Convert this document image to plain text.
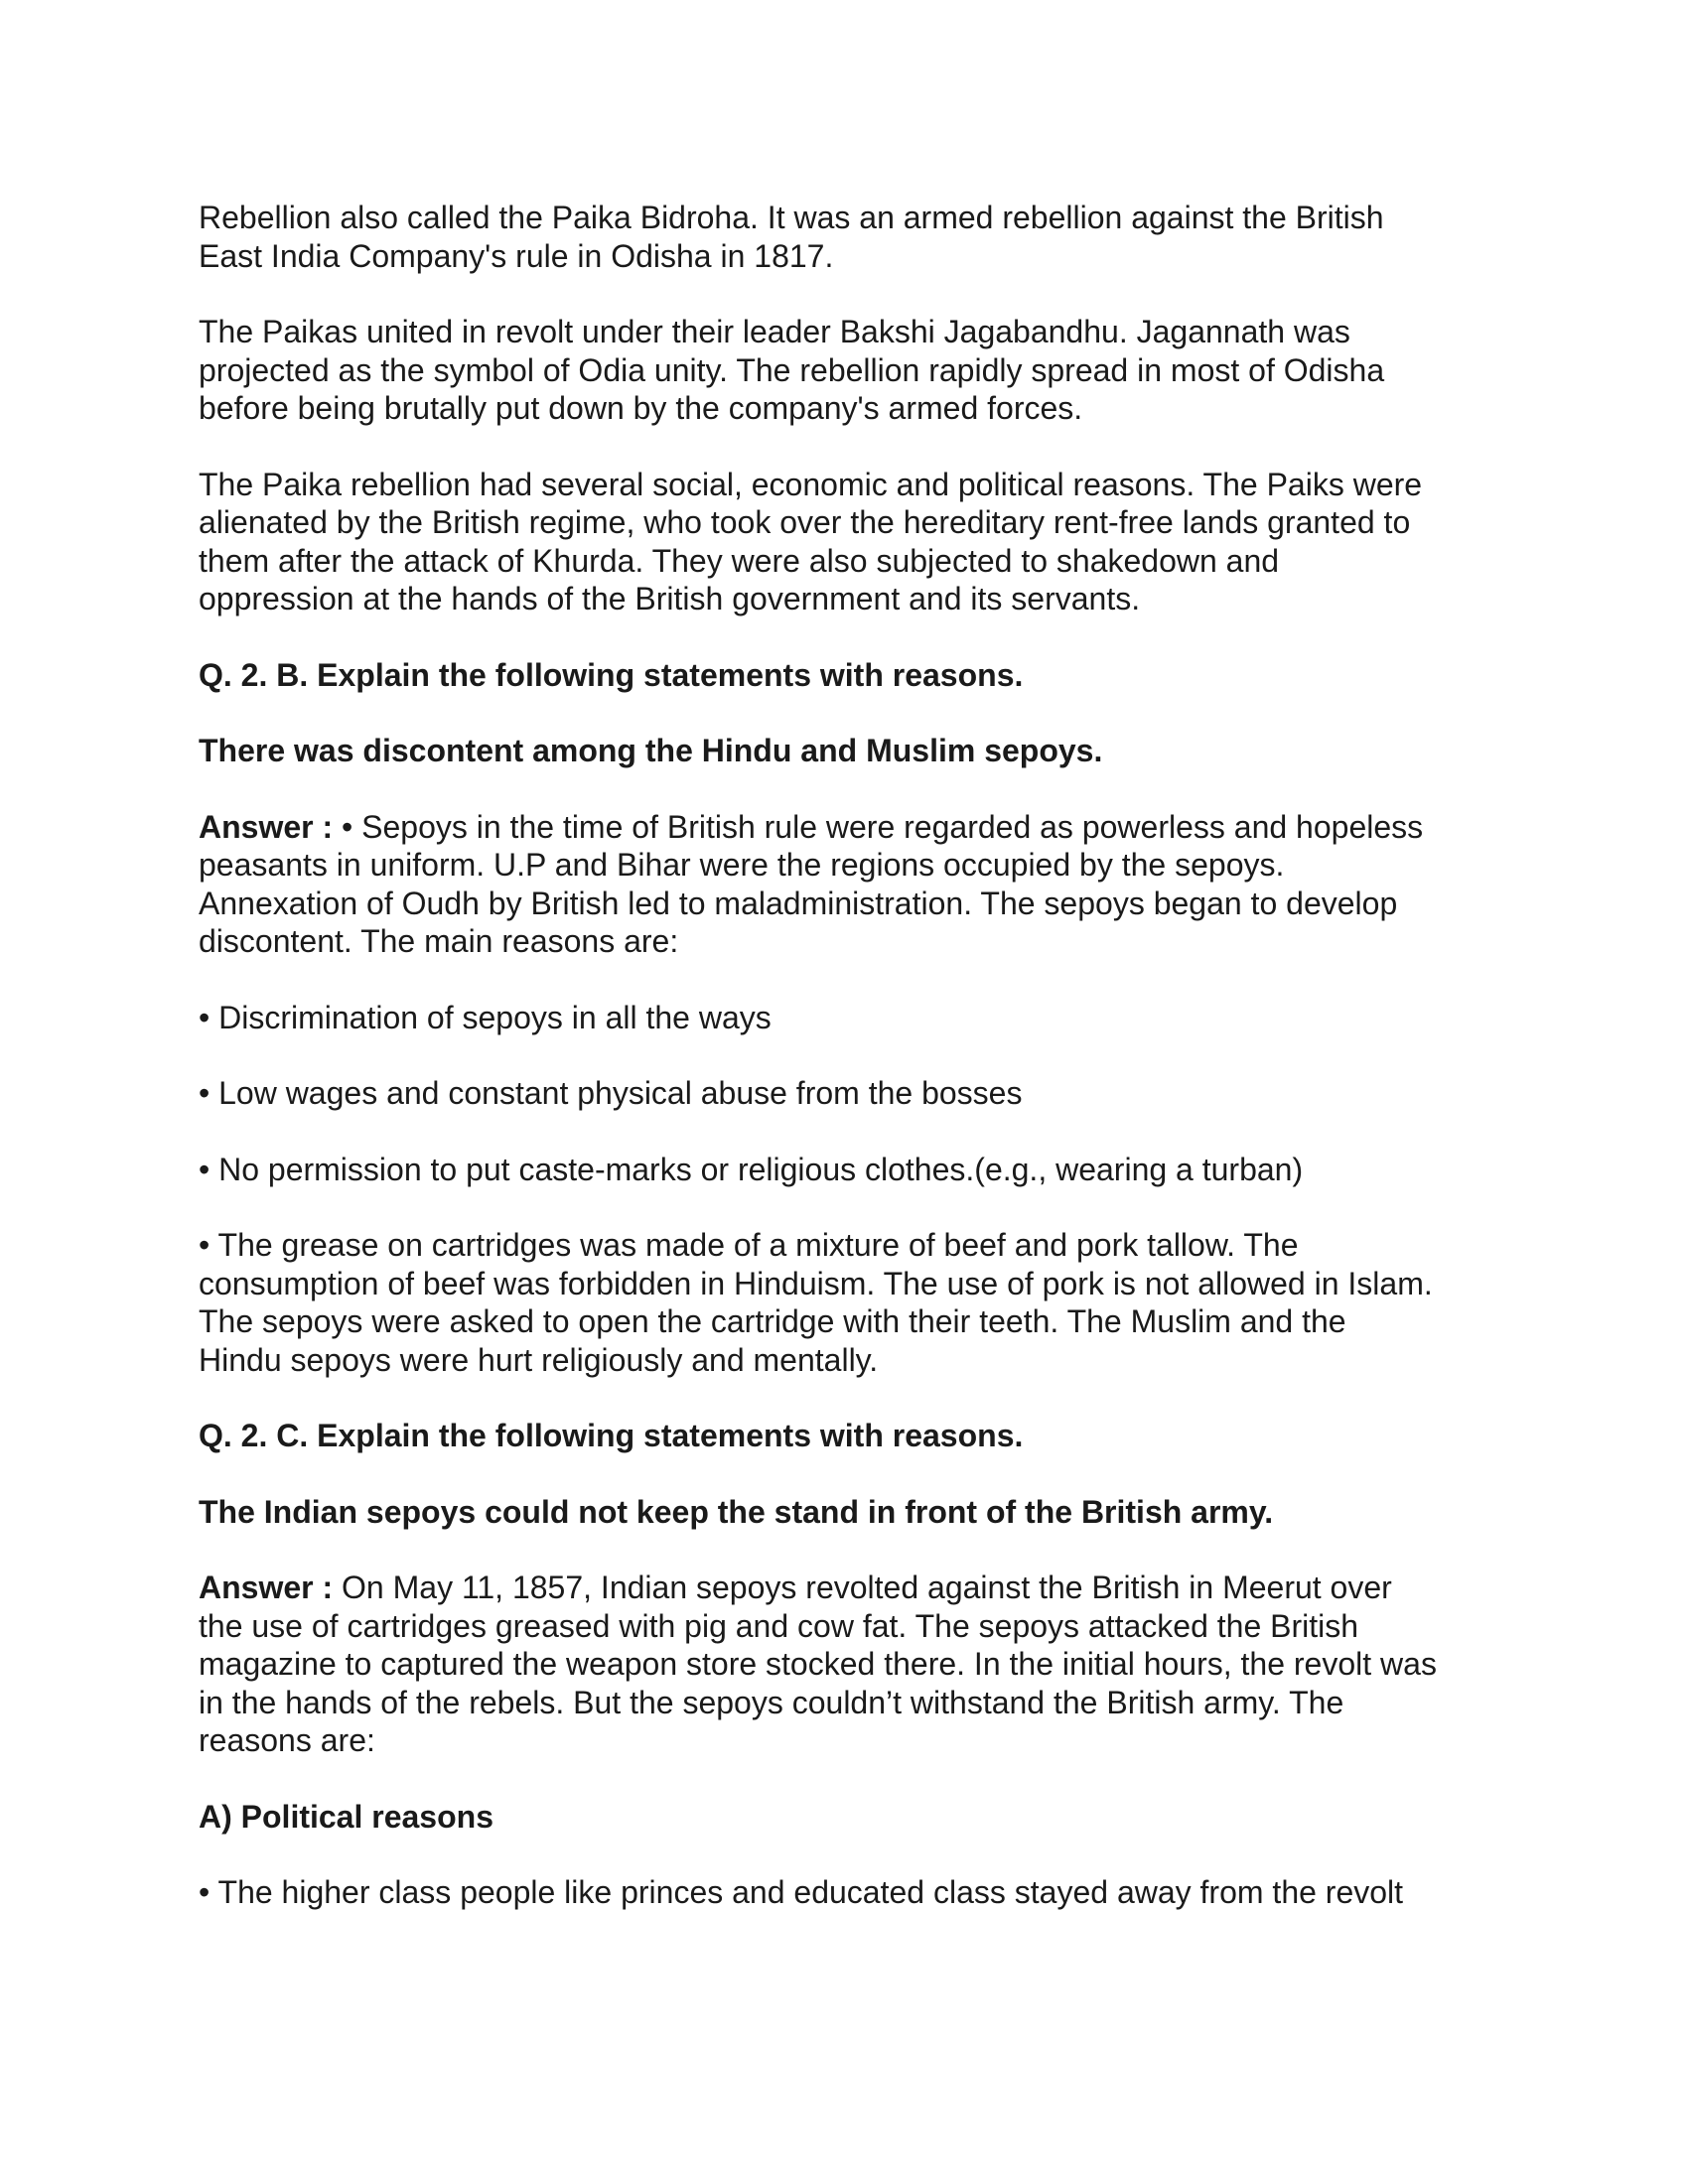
Rebellion also called the Paika Bidroha. It was an armed rebellion against the British
East India Company's rule in Odisha in 1817.
The Paikas united in revolt under their leader Bakshi Jagabandhu. Jagannath was
projected as the symbol of Odia unity. The rebellion rapidly spread in most of Odisha
before being brutally put down by the company's armed forces.
The Paika rebellion had several social, economic and political reasons. The Paiks were
alienated by the British regime, who took over the hereditary rent-free lands granted to
them after the attack of Khurda. They were also subjected to shakedown and
oppression at the hands of the British government and its servants.
Q. 2. B. Explain the following statements with reasons.
There was discontent among the Hindu and Muslim sepoys.
Answer : • Sepoys in the time of British rule were regarded as powerless and hopeless
peasants in uniform. U.P and Bihar were the regions occupied by the sepoys.
Annexation of Oudh by British led to maladministration. The sepoys began to develop
discontent. The main reasons are:
• Discrimination of sepoys in all the ways
• Low wages and constant physical abuse from the bosses
• No permission to put caste-marks or religious clothes.(e.g., wearing a turban)
• The grease on cartridges was made of a mixture of beef and pork tallow. The
consumption of beef was forbidden in Hinduism. The use of pork is not allowed in Islam.
The sepoys were asked to open the cartridge with their teeth. The Muslim and the
Hindu sepoys were hurt religiously and mentally.
Q. 2. C. Explain the following statements with reasons.
The Indian sepoys could not keep the stand in front of the British army.
Answer : On May 11, 1857, Indian sepoys revolted against the British in Meerut over
the use of cartridges greased with pig and cow fat. The sepoys attacked the British
magazine to captured the weapon store stocked there. In the initial hours, the revolt was
in the hands of the rebels. But the sepoys couldn’t withstand the British army. The
reasons are:
A) Political reasons
• The higher class people like princes and educated class stayed away from the revolt
